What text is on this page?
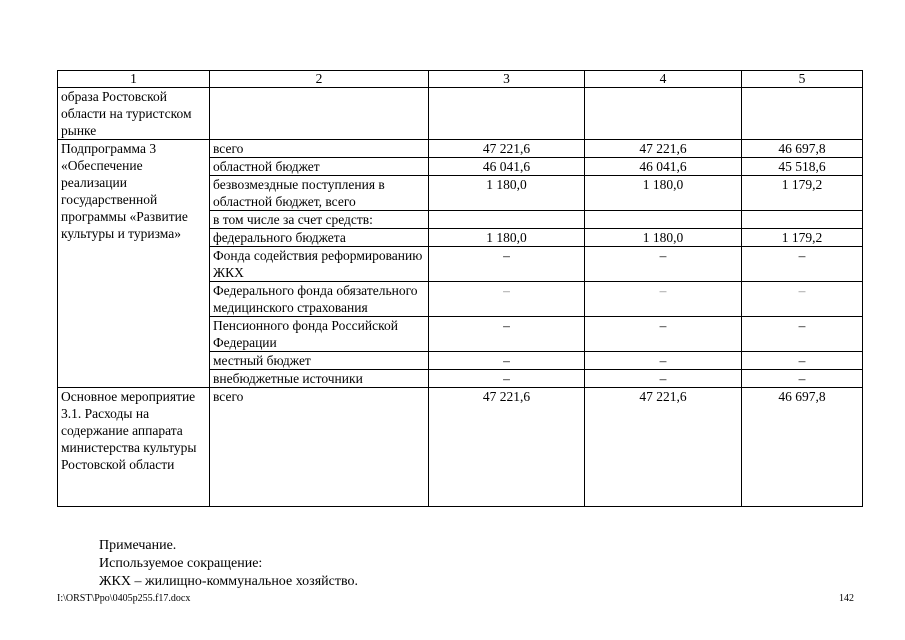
1	2	3	4	5
образа Ростовской области на туристском рынке				
Подпрограмма 3 «Обеспечение реализации государственной программы «Развитие культуры и туризма»	всего	47 221,6	47 221,6	46 697,8
	областной бюджет	46 041,6	46 041,6	45 518,6
	безвозмездные поступления в областной бюджет, всего	1 180,0	1 180,0	1 179,2
	в том числе за счет средств:			
	федерального бюджета	1 180,0	1 180,0	1 179,2
	Фонда содействия реформированию ЖКХ	–	–	–
	Федерального фонда обязательного медицинского страхования	–	–	–
	Пенсионного фонда Российской Федерации	–	–	–
	местный бюджет	–	–	–
	внебюджетные источники	–	–	–
Основное мероприятие 3.1. Расходы на содержание аппарата министерства культуры Ростовской области	всего	47 221,6	47 221,6	46 697,8
Примечание.
Используемое сокращение:
ЖКХ – жилищно-коммунальное хозяйство.
I:\ORST\Ppo\0405p255.f17.docx	142
